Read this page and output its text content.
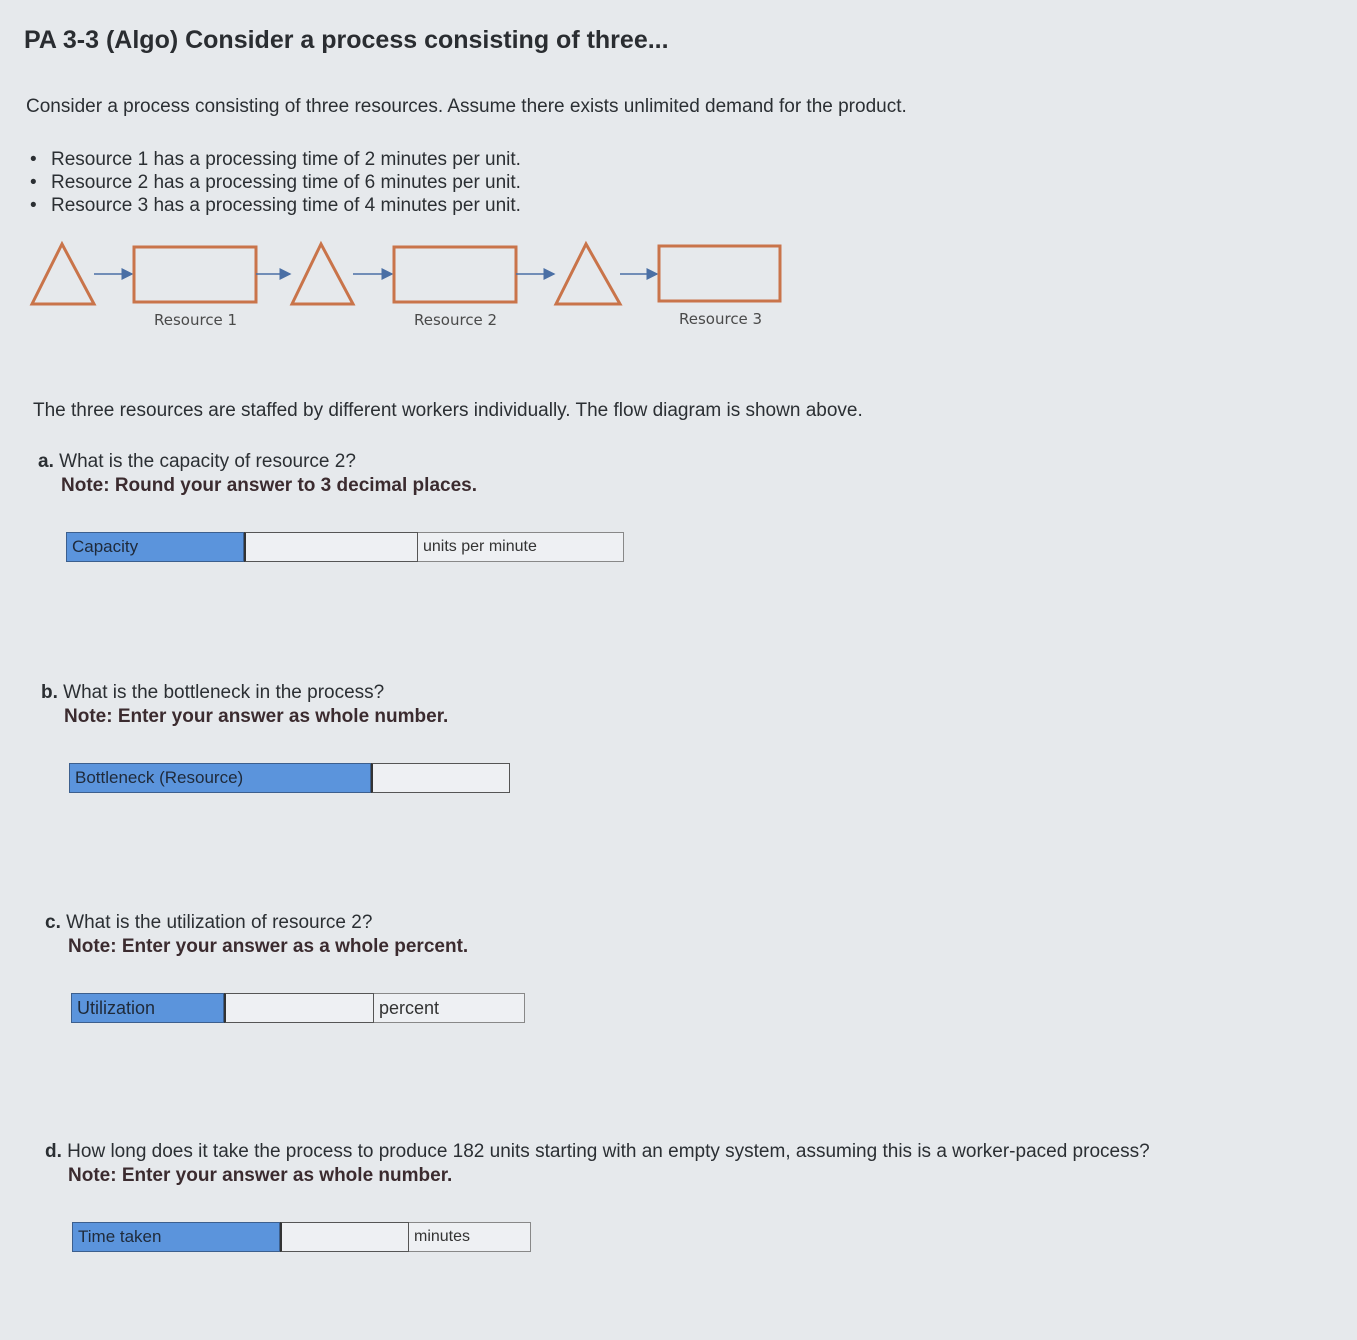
PA 3-3 (Algo) Consider a process consisting of three...

Consider a process consisting of three resources. Assume there exists unlimited demand for the product.

• Resource 1 has a processing time of 2 minutes per unit.
• Resource 2 has a processing time of 6 minutes per unit.
• Resource 3 has a processing time of 4 minutes per unit.
Resource 1	Resource 2	Resource 3

The three resources are staffed by different workers individually. The flow diagram is shown above.

a. What is the capacity of resource 2?
Note: Round your answer to 3 decimal places.
Capacity	units per minute
b. What is the bottleneck in the process?
Note: Enter your answer as whole number.
Bottleneck (Resource)
c. What is the utilization of resource 2?
Note: Enter your answer as a whole percent.
Utilization	percent
d. How long does it take the process to produce 182 units starting with an empty system, assuming this is a worker-paced process?
Note: Enter your answer as whole number.
Time taken	minutes
